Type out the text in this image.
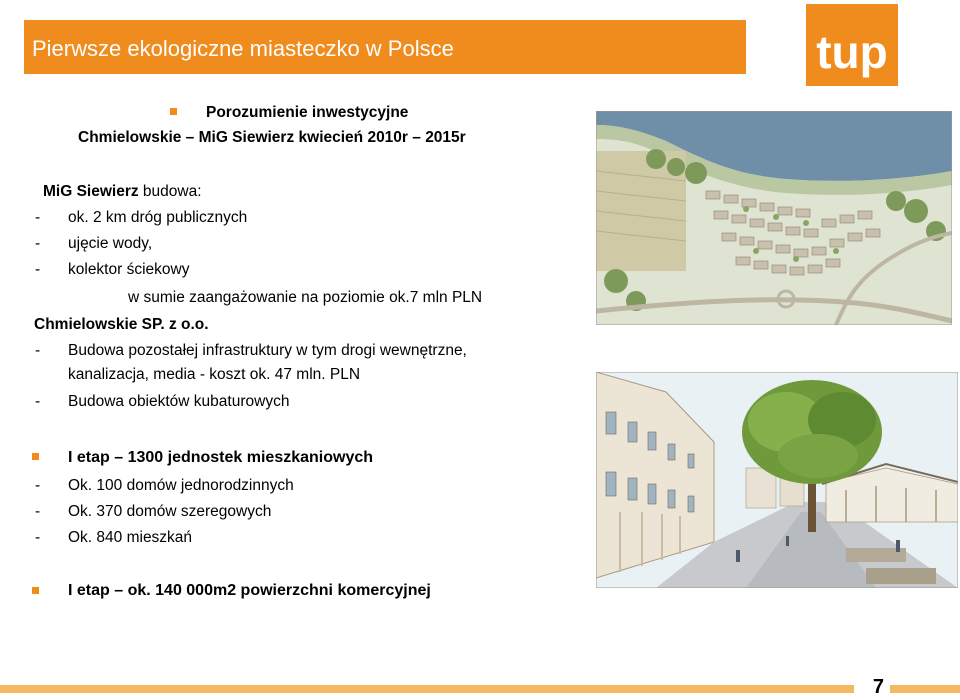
Pierwsze ekologiczne miasteczko w Polsce	tup
Porozumienie inwestycyjne
Chmielowskie – MiG Siewierz kwiecień 2010r – 2015r
MiG Siewierz budowa:
- ok. 2 km dróg publicznych
- ujęcie wody,
- kolektor ściekowy
w sumie zaangażowanie na poziomie ok.7 mln PLN
Chmielowskie SP. z o.o.
- Budowa pozostałej infrastruktury w tym drogi wewnętrzne,
kanalizacja, media - koszt ok. 47 mln. PLN
- Budowa obiektów kubaturowych
I etap – 1300 jednostek mieszkaniowych
- Ok. 100 domów jednorodzinnych
- Ok. 370 domów szeregowych
- Ok. 840 mieszkań
I etap – ok. 140 000m2 powierzchni komercyjnej
7
